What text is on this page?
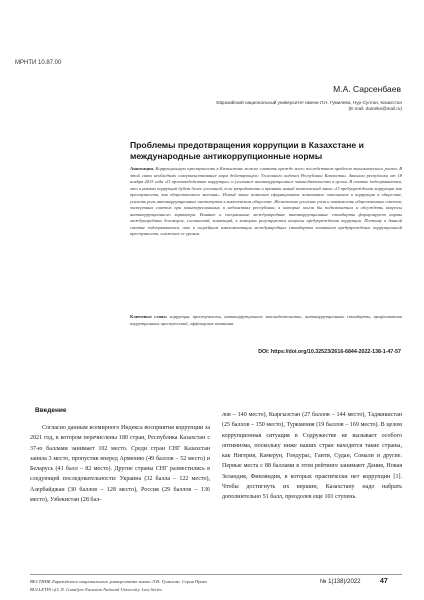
МРНТИ 10.87.00
М.А. Сарсенбаев
Евразийский национальный университет имени Л.Н. Гумилева, Нур-Султан, Казахстан
(E-mail: dameke@mail.ru)
Проблемы предотвращения коррупции в Казахстане и международные антикоррупционные нормы
Аннотация. Коррупционную преступность в Казахстане можно считать прежде всего последствием пробелов экономического роста. В этой связи необходимо совершенствование норм действующего Уголовного кодекса Республики Казахстан. Законом республики от 18 ноября 2015 года «О противодействии коррупции» и уголовное антикоррупционное законодательство в целом. В статье подчеркивается, что в рамках коррупций будет более успешной, если разработать и принять новый комплексный закон «О предупреждении коррупции как преступности, как общественного явления». Новый закон позволит сформировать позитивное отношение к коррупции в обществе, усилить роль антикоррупционных институтов в комплексном обществе. Желательно усиление роли и значимость общественных советов, экспертных советов при заинтересованных и ведомствах республики, в которые могли бы подключаться и обсуждать вопросы антикоррупционного характера. Влияние и специальные международные антикоррупционные стандарты формулируют нормы международных договоров, соглашений, конвенций, в которых регулируются вопросы предупреждения коррупции. Поэтому в данной статье подчеркивается, что в скорейшем имплементации международных стандартов возникнет предупреждение коррупционной преступности, снижение ее уровня.
Ключевые слова: коррупция, преступность, антикоррупционное законодательство, антикоррупционные стандарты, профилактика коррупционных преступлений, оффшорные компании.
DOI: https://doi.org/10.32523/2616-6844-2022-138-1-47-57
Введение
Согласно данным всемирного Индекса восприятия коррупции за 2021 год, в котором перечислены 180 стран, Республика Казахстан с 37-ю баллами занимает 102 место. Среди стран СНГ Казахстан заняла 3 место, пропустив вперед Армению (49 баллов – 52 место) и Беларусь (41 балл – 82 место). Другие страны СНГ разместились в следующей последовательности: Украина (32 балла – 122 место), Азербайджан (30 баллов – 128 место), Россия (29 баллов – 136 место), Узбекистан (28 бал-
лов – 140 место), Кыргызстан (27 баллов – 144 место), Таджикистан (25 баллов – 150 место), Туркмения (19 баллов – 169 место). В целом коррупционная ситуация в Содружестве не вызывает особого оптимизма, поскольку ниже наших стран находятся такие страны, как Нигерия, Камерун, Гондурас, Гаити, Судан, Сомали и другие. Первые места с 88 баллами в этом рейтинге занимают Дания, Новая Зеландия, Финляндия, в которых практически нет коррупции [1]. Чтобы достигнуть их вершин, Казахстану надо набрать дополнительно 51 балл, преодолев еще 101 ступень.
ВЕСТНИК Евразийского национального университета имени Л.Н. Гумилева. Серия Право
BULLETIN of L.N. Gumilyov Eurasian National University. Law Series
№ 1(138)/2022	47
